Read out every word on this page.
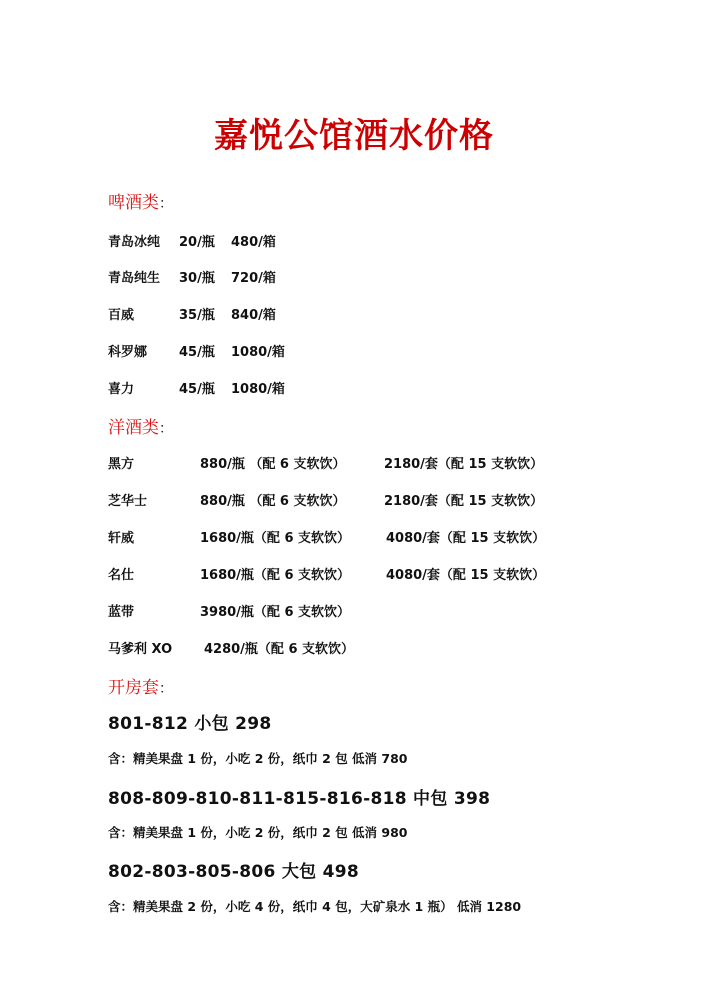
嘉悦公馆酒水价格
啤酒类：
青岛冰纯 20/瓶 480/箱
青岛纯生 30/瓶 720/箱
百威	35/瓶 840/箱
科罗娜 45/瓶 1080/箱
喜力	45/瓶 1080/箱
洋酒类：
黑方	880/瓶 （配 6 支软饮）	2180/套（配 15 支软饮）
芝华士	880/瓶 （配 6 支软饮）	2180/套（配 15 支软饮）
轩威	1680/瓶（配 6 支软饮）	4080/套（配 15 支软饮）
名仕	1680/瓶（配 6 支软饮）	4080/套（配 15 支软饮）
蓝带	3980/瓶（配 6 支软饮）
马爹利 XO 4280/瓶（配 6 支软饮）
开房套：
801-812 小包 298
含：精美果盘 1 份，小吃 2 份，纸巾 2 包 低消 780
808-809-810-811-815-816-818 中包 398
含：精美果盘 1 份，小吃 2 份，纸巾 2 包 低消 980
802-803-805-806 大包 498
含：精美果盘 2 份，小吃 4 份，纸巾 4 包，大矿泉水 1 瓶） 低消 1280
